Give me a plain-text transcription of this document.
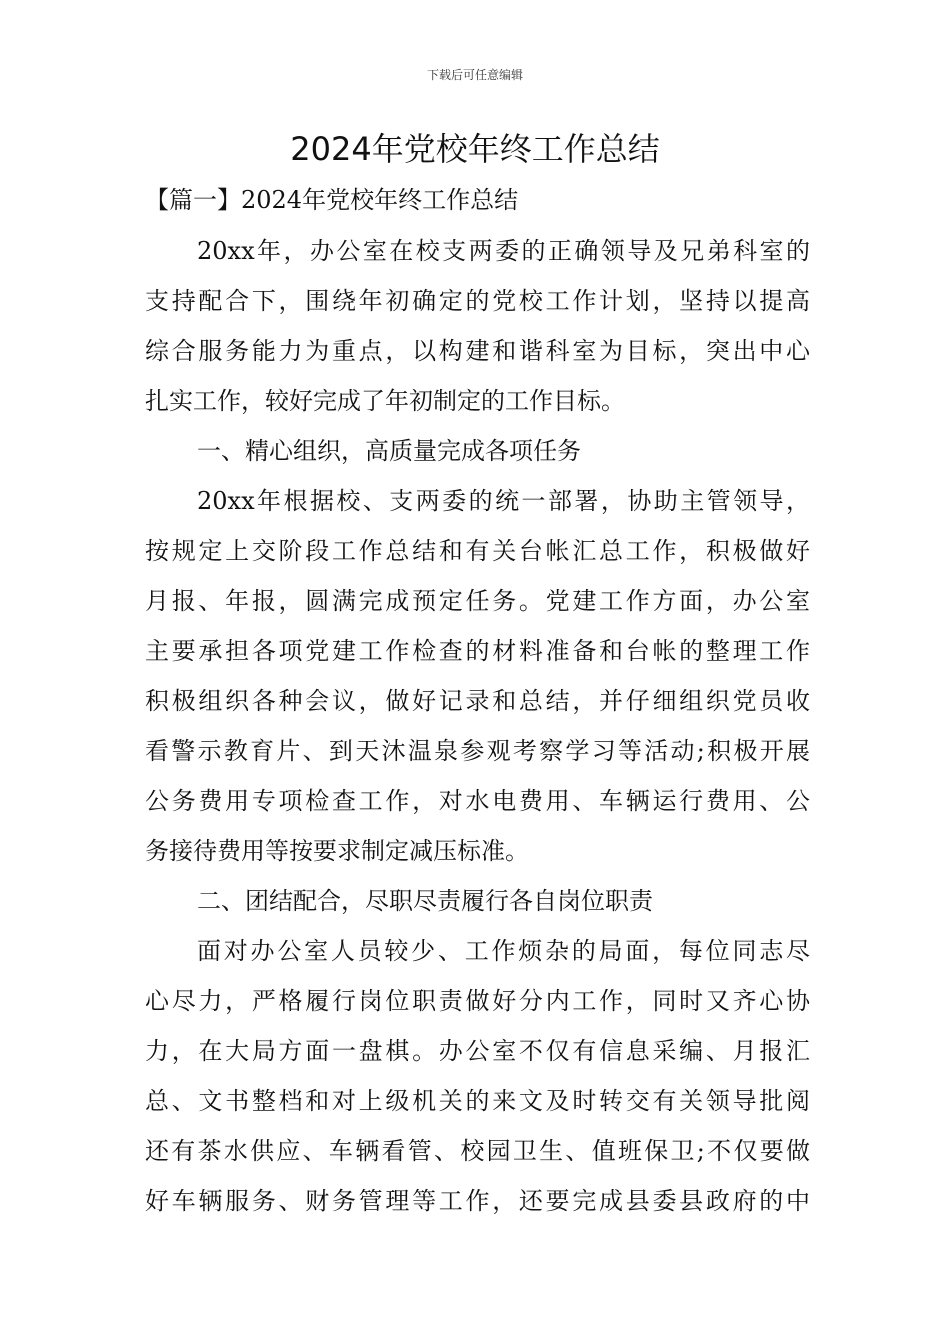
下载后可任意编辑
2024年党校年终工作总结
【篇一】2024年党校年终工作总结

20xx年，办公室在校支两委的正确领导及兄弟科室的
支持配合下，围绕年初确定的党校工作计划，坚持以提高
综合服务能力为重点，以构建和谐科室为目标，突出中心
扎实工作，较好完成了年初制定的工作目标。

一、精心组织，高质量完成各项任务

20xx年根据校、支两委的统一部署，协助主管领导，
按规定上交阶段工作总结和有关台帐汇总工作，积极做好
月报、年报，圆满完成预定任务。党建工作方面，办公室
主要承担各项党建工作检查的材料准备和台帐的整理工作
积极组织各种会议，做好记录和总结，并仔细组织党员收
看警示教育片、到天沐温泉参观考察学习等活动;积极开展
公务费用专项检查工作，对水电费用、车辆运行费用、公
务接待费用等按要求制定减压标准。

二、团结配合，尽职尽责履行各自岗位职责

面对办公室人员较少、工作烦杂的局面，每位同志尽
心尽力，严格履行岗位职责做好分内工作，同时又齐心协
力，在大局方面一盘棋。办公室不仅有信息采编、月报汇
总、文书整档和对上级机关的来文及时转交有关领导批阅
还有茶水供应、车辆看管、校园卫生、值班保卫;不仅要做
好车辆服务、财务管理等工作，还要完成县委县政府的中
